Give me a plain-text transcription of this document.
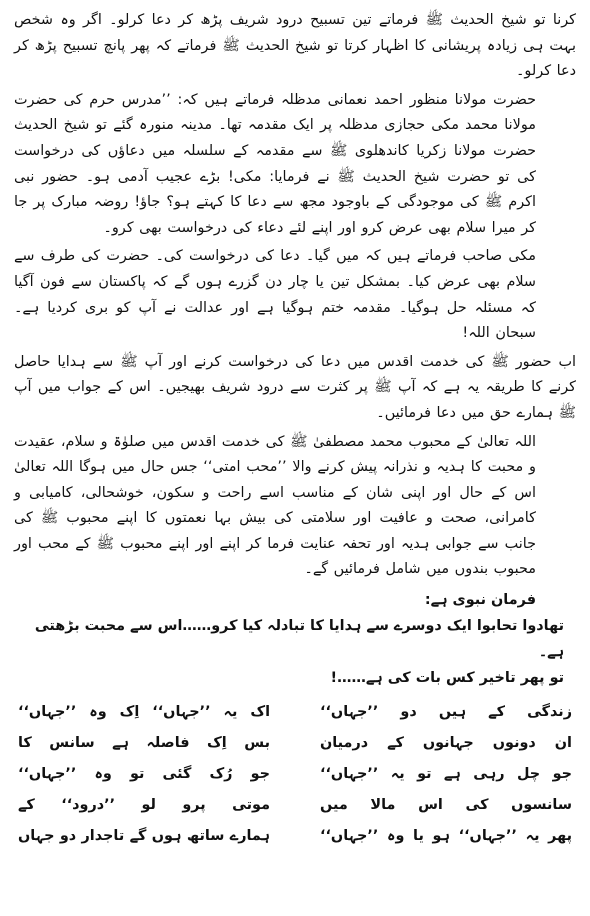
کرنا تو شیخ الحدیث ﷺ فرماتے تین تسبیح درود شریف پڑھ کر دعا کرلو۔ اگر وہ شخص بہت ہی زیادہ پریشانی کا اظہار کرتا تو شیخ الحدیث ﷺ فرماتے کہ پھر پانچ تسبیح پڑھ کر دعا کرلو۔

حضرت مولانا منظور احمد نعمانی مدظلہ فرماتے ہیں کہ: ’’مدرس حرم کی حضرت مولانا محمد مکی حجازی مدظلہ پر ایک مقدمہ تھا۔ مدینہ منورہ گئے تو شیخ الحدیث حضرت مولانا زکریا کاندھلوی ﷺ سے مقدمہ کے سلسلہ میں دعاؤں کی درخواست کی تو حضرت شیخ الحدیث ﷺ نے فرمایا: مکی! بڑے عجیب آدمی ہو۔ حضور نبی اکرم ﷺ کی موجودگی کے باوجود مجھ سے دعا کا کہتے ہو؟ جاؤ! روضہ مبارک پر جا کر میرا سلام بھی عرض کرو اور اپنے لئے دعاء کی درخواست بھی کرو۔

مکی صاحب فرماتے ہیں کہ میں گیا۔ دعا کی درخواست کی۔ حضرت کی طرف سے سلام بھی عرض کیا۔ بمشکل تین یا چار دن گزرے ہوں گے کہ پاکستان سے فون آگیا کہ مسئلہ حل ہوگیا۔ مقدمہ ختم ہوگیا ہے اور عدالت نے آپ کو بری کردیا ہے۔ سبحان اللہ!

اب حضور ﷺ کی خدمت اقدس میں دعا کی درخواست کرنے اور آپ ﷺ سے ہدایا حاصل کرنے کا طریقہ یہ ہے کہ آپ ﷺ پر کثرت سے درود شریف بھیجیں۔ اس کے جواب میں آپ ﷺ ہمارے حق میں دعا فرمائیں۔

اللہ تعالیٰ کے محبوب محمد مصطفیٰ ﷺ کی خدمت اقدس میں صلوٰۃ و سلام، عقیدت و محبت کا ہدیہ و نذرانہ پیش کرنے والا ’’محب امتی‘‘ جس حال میں ہوگا اللہ تعالیٰ اس کے حال اور اپنی شان کے مناسب اسے راحت و سکون، خوشحالی، کامیابی و کامرانی، صحت و عافیت اور سلامتی کی بیش بہا نعمتوں کا اپنے محبوب ﷺ کی جانب سے جوابی ہدیہ اور تحفہ عنایت فرما کر اپنے اور اپنے محبوب ﷺ کے محب اور محبوب بندوں میں شامل فرمائیں گے۔

فرمان نبوی ہے:
تهادوا تحابوا ایک دوسرے سے ہدایا کا تبادلہ کیا کرو……اس سے محبت بڑھتی ہے۔
تو پھر تاخیر کس بات کی ہے……!
زندگی کے ہیں دو ’’جہاں‘‘
ان دونوں جہانوں کے درمیان
جو چل رہی ہے تو یہ ’’جہاں‘‘
سانسوں کی اس مالا میں
پھر یہ ’’جہاں‘‘ ہو یا وہ ’’جہاں‘‘
اک یہ ’’جہاں‘‘ اِک وہ ’’جہاں‘‘
بس اِک فاصلہ ہے سانس کا
جو رُک گئی تو وہ ’’جہاں‘‘
موتی پرو لو ’’درود‘‘ کے
ہمارے ساتھ ہوں گے تاجدار دو جہاں
